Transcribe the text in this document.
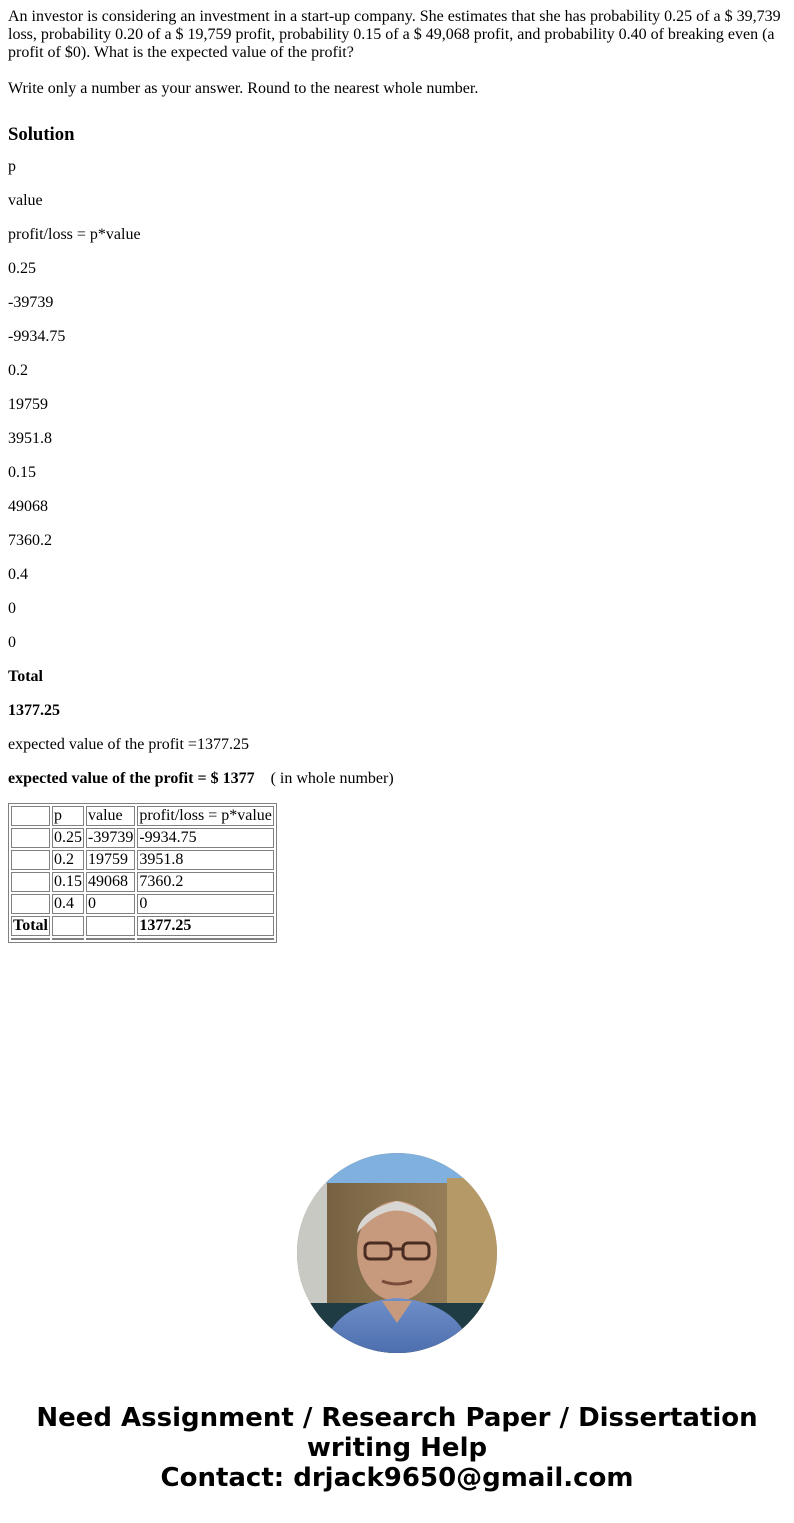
An investor is considering an investment in a start-up company. She estimates that she has probability 0.25 of a $ 39,739 loss, probability 0.20 of a $ 19,759 profit, probability 0.15 of a $ 49,068 profit, and probability 0.40 of breaking even (a profit of $0). What is the expected value of the profit?

Write only a number as your answer. Round to the nearest whole number.

Solution

p

value

profit/loss = p*value

0.25

-39739

-9934.75

0.2

19759

3951.8

0.15

49068

7360.2

0.4

0

0

Total

1377.25

expected value of the profit =1377.25

expected value of the profit = $ 1377 ( in whole number)

	p	value	profit/loss = p*value
	0.25	-39739	-9934.75
	0.2	19759	3951.8
	0.15	49068	7360.2
	0.4	0	0
Total			1377.25

Need Assignment / Research Paper / Dissertation
writing Help
Contact: drjack9650@gmail.com
